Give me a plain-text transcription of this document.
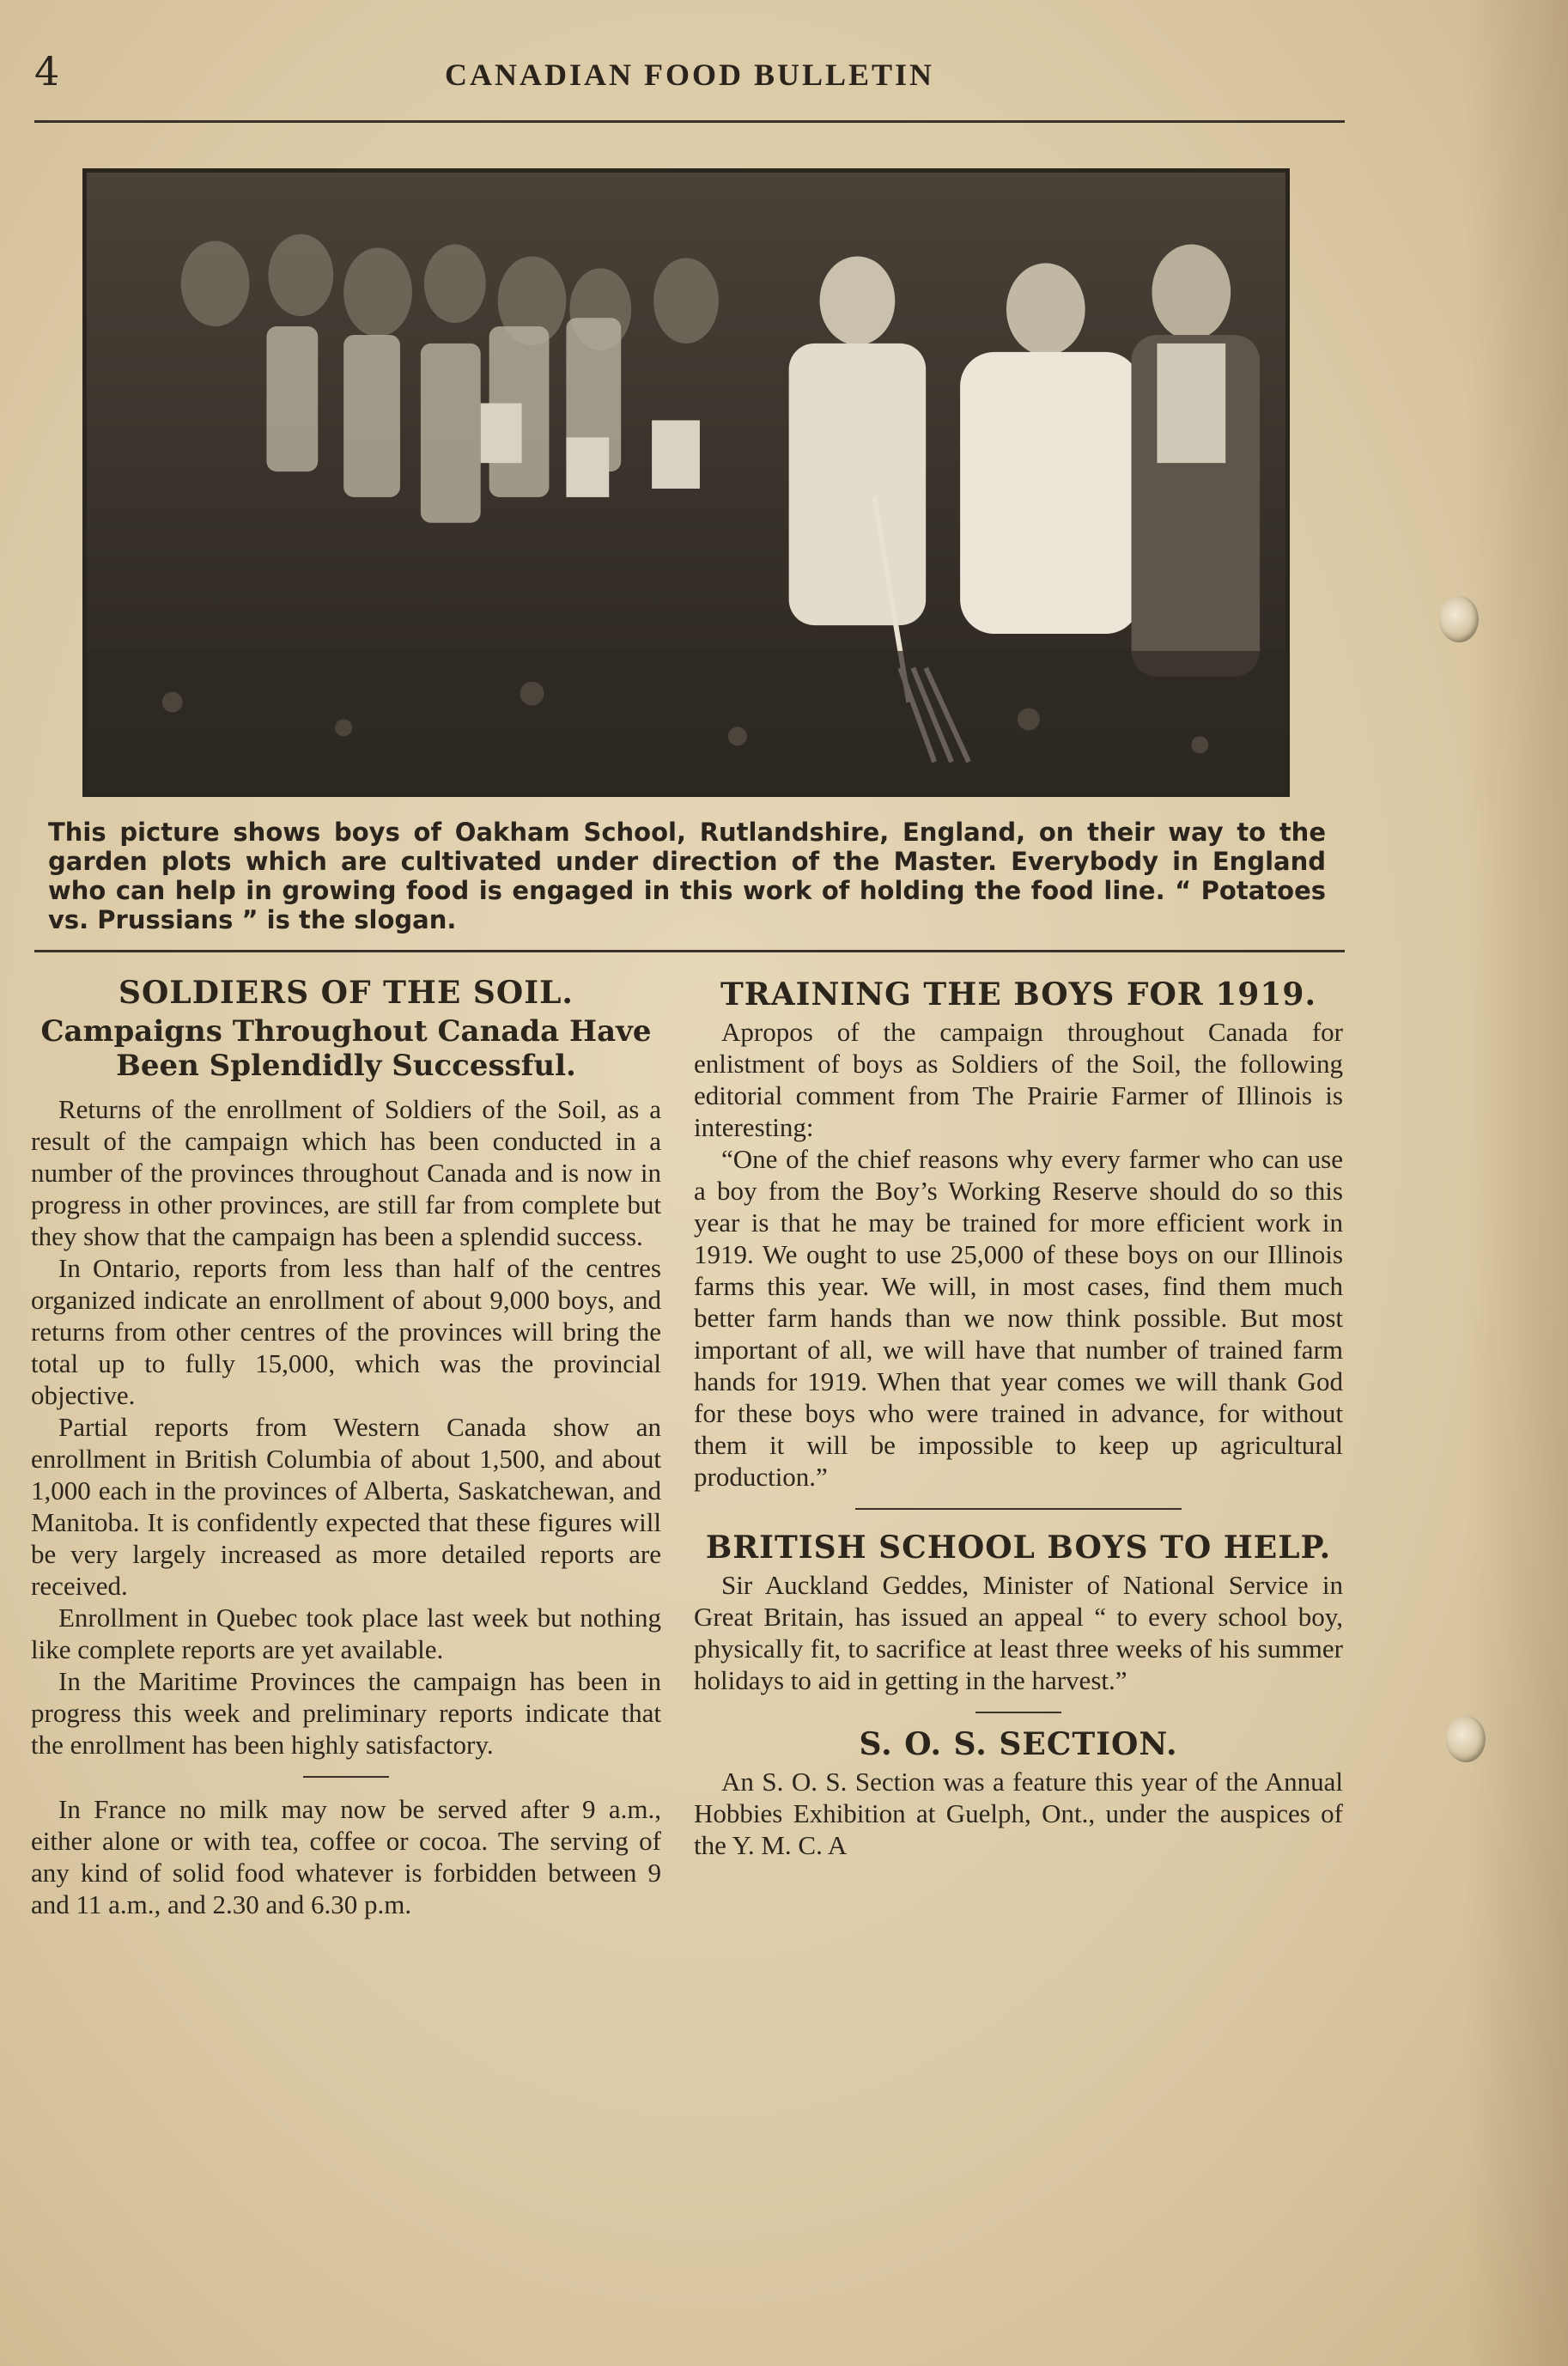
4	CANADIAN FOOD BULLETIN
This picture shows boys of Oakham School, Rutlandshire, England, on their way to the garden plots which are cultivated under direction of the Master. Everybody in England who can help in growing food is engaged in this work of holding the food line. “ Potatoes vs. Prussians ” is the slogan.
SOLDIERS OF THE SOIL.
Campaigns Throughout Canada Have Been Splendidly Successful.

Returns of the enrollment of Soldiers of the Soil, as a result of the campaign which has been conducted in a number of the provinces throughout Canada and is now in progress in other provinces, are still far from complete but they show that the campaign has been a splendid success.

In Ontario, reports from less than half of the centres organized indicate an enrollment of about 9,000 boys, and returns from other centres of the provinces will bring the total up to fully 15,000, which was the provincial objective.

Partial reports from Western Canada show an enrollment in British Columbia of about 1,500, and about 1,000 each in the provinces of Alberta, Saskatchewan, and Manitoba. It is confidently expected that these figures will be very largely increased as more detailed reports are received.

Enrollment in Quebec took place last week but nothing like complete reports are yet available.

In the Maritime Provinces the campaign has been in progress this week and preliminary reports indicate that the enrollment has been highly satisfactory.

In France no milk may now be served after 9 a.m., either alone or with tea, coffee or cocoa. The serving of any kind of solid food whatever is forbidden between 9 and 11 a.m., and 2.30 and 6.30 p.m.

TRAINING THE BOYS FOR 1919.

Apropos of the campaign throughout Canada for enlistment of boys as Soldiers of the Soil, the following editorial comment from The Prairie Farmer of Illinois is interesting:

“One of the chief reasons why every farmer who can use a boy from the Boy’s Working Reserve should do so this year is that he may be trained for more efficient work in 1919. We ought to use 25,000 of these boys on our Illinois farms this year. We will, in most cases, find them much better farm hands than we now think possible. But most important of all, we will have that number of trained farm hands for 1919. When that year comes we will thank God for these boys who were trained in advance, for without them it will be impossible to keep up agricultural production.”

BRITISH SCHOOL BOYS TO HELP.

Sir Auckland Geddes, Minister of National Service in Great Britain, has issued an appeal “ to every school boy, physically fit, to sacrifice at least three weeks of his summer holidays to aid in getting in the harvest.”

S. O. S. SECTION.

An S. O. S. Section was a feature this year of the Annual Hobbies Exhibition at Guelph, Ont., under the auspices of the Y. M. C. A
